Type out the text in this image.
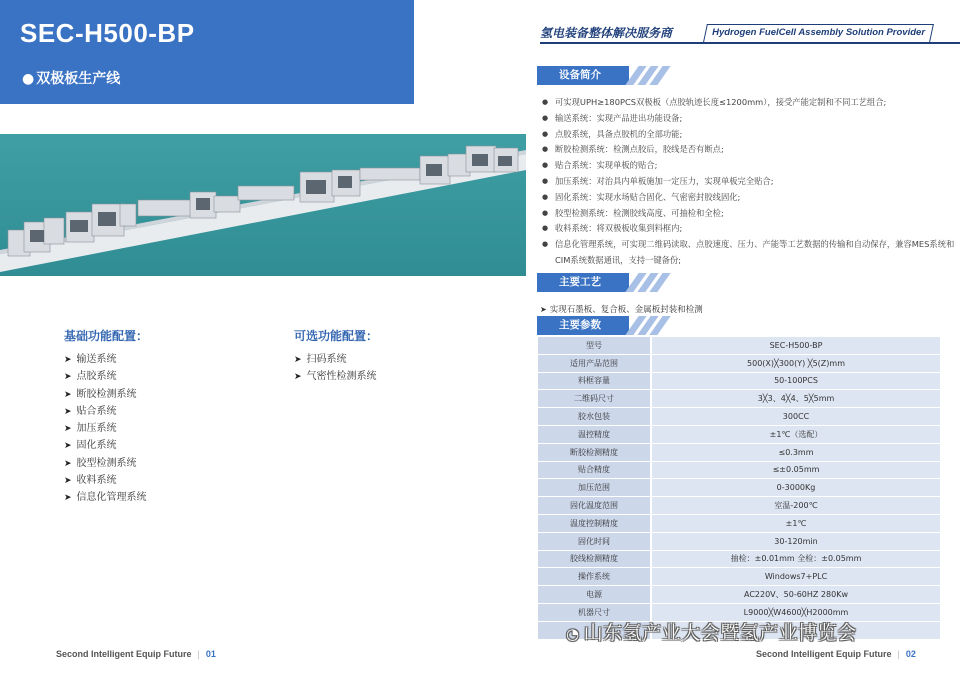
SEC-H500-BP
● 双极板生产线
基础功能配置：
➤ 输送系统
➤ 点胶系统
➤ 断胶检测系统
➤ 贴合系统
➤ 加压系统
➤ 固化系统
➤ 胶型检测系统
➤ 收料系统
➤ 信息化管理系统
可选功能配置：
➤ 扫码系统
➤ 气密性检测系统
Second Intelligent Equip Future | 01
氢电装备整体解决服务商	Hydrogen FuelCell Assembly Solution Provider
设备简介
● 可实现UPH≥180PCS双极板（点胶轨迹长度≤1200mm），接受产能定制和不同工艺组合;
● 输送系统：实现产品进出功能设备;
● 点胶系统，具备点胶机的全部功能;
● 断胶检测系统：检测点胶后，胶线是否有断点;
● 贴合系统：实现单板的贴合;
● 加压系统：对治具内单板施加一定压力，实现单板完全贴合;
● 固化系统：实现水场贴合固化、气密密封胶线固化;
● 胶型检测系统：检测胶线高度、可抽检和全检;
● 收料系统：将双极板收集到料框内;
● 信息化管理系统，可实现二维码读取、点胶速度、压力、产能等工艺数据的传输和自动保存，兼容MES系统和CIM系统数据通讯，支持一键备份;
主要工艺
➤ 实现石墨板、复合板、金属板封装和检测
主要参数
型号	SEC-H500-BP
适用产品范围	500(X)╳300(Y) ╳5(Z)mm
料框容量	50-100PCS
二维码尺寸	3╳3、4╳4、5╳5mm
胶水包装	300CC
温控精度	±1℃（选配）
断胶检测精度	≤0.3mm
贴合精度	≤±0.05mm
加压范围	0-3000Kg
固化温度范围	室温-200℃
温度控制精度	±1℃
固化时间	30-120min
胶线检测精度	抽检：±0.01mm 全检：±0.05mm
操作系统	Windows7+PLC
电源	AC220V、50-60HZ 280Kw
机器尺寸	L9000╳W4600╳H2000mm

◔ 山东氢产业大会暨氢产业博览会
Second Intelligent Equip Future | 02
